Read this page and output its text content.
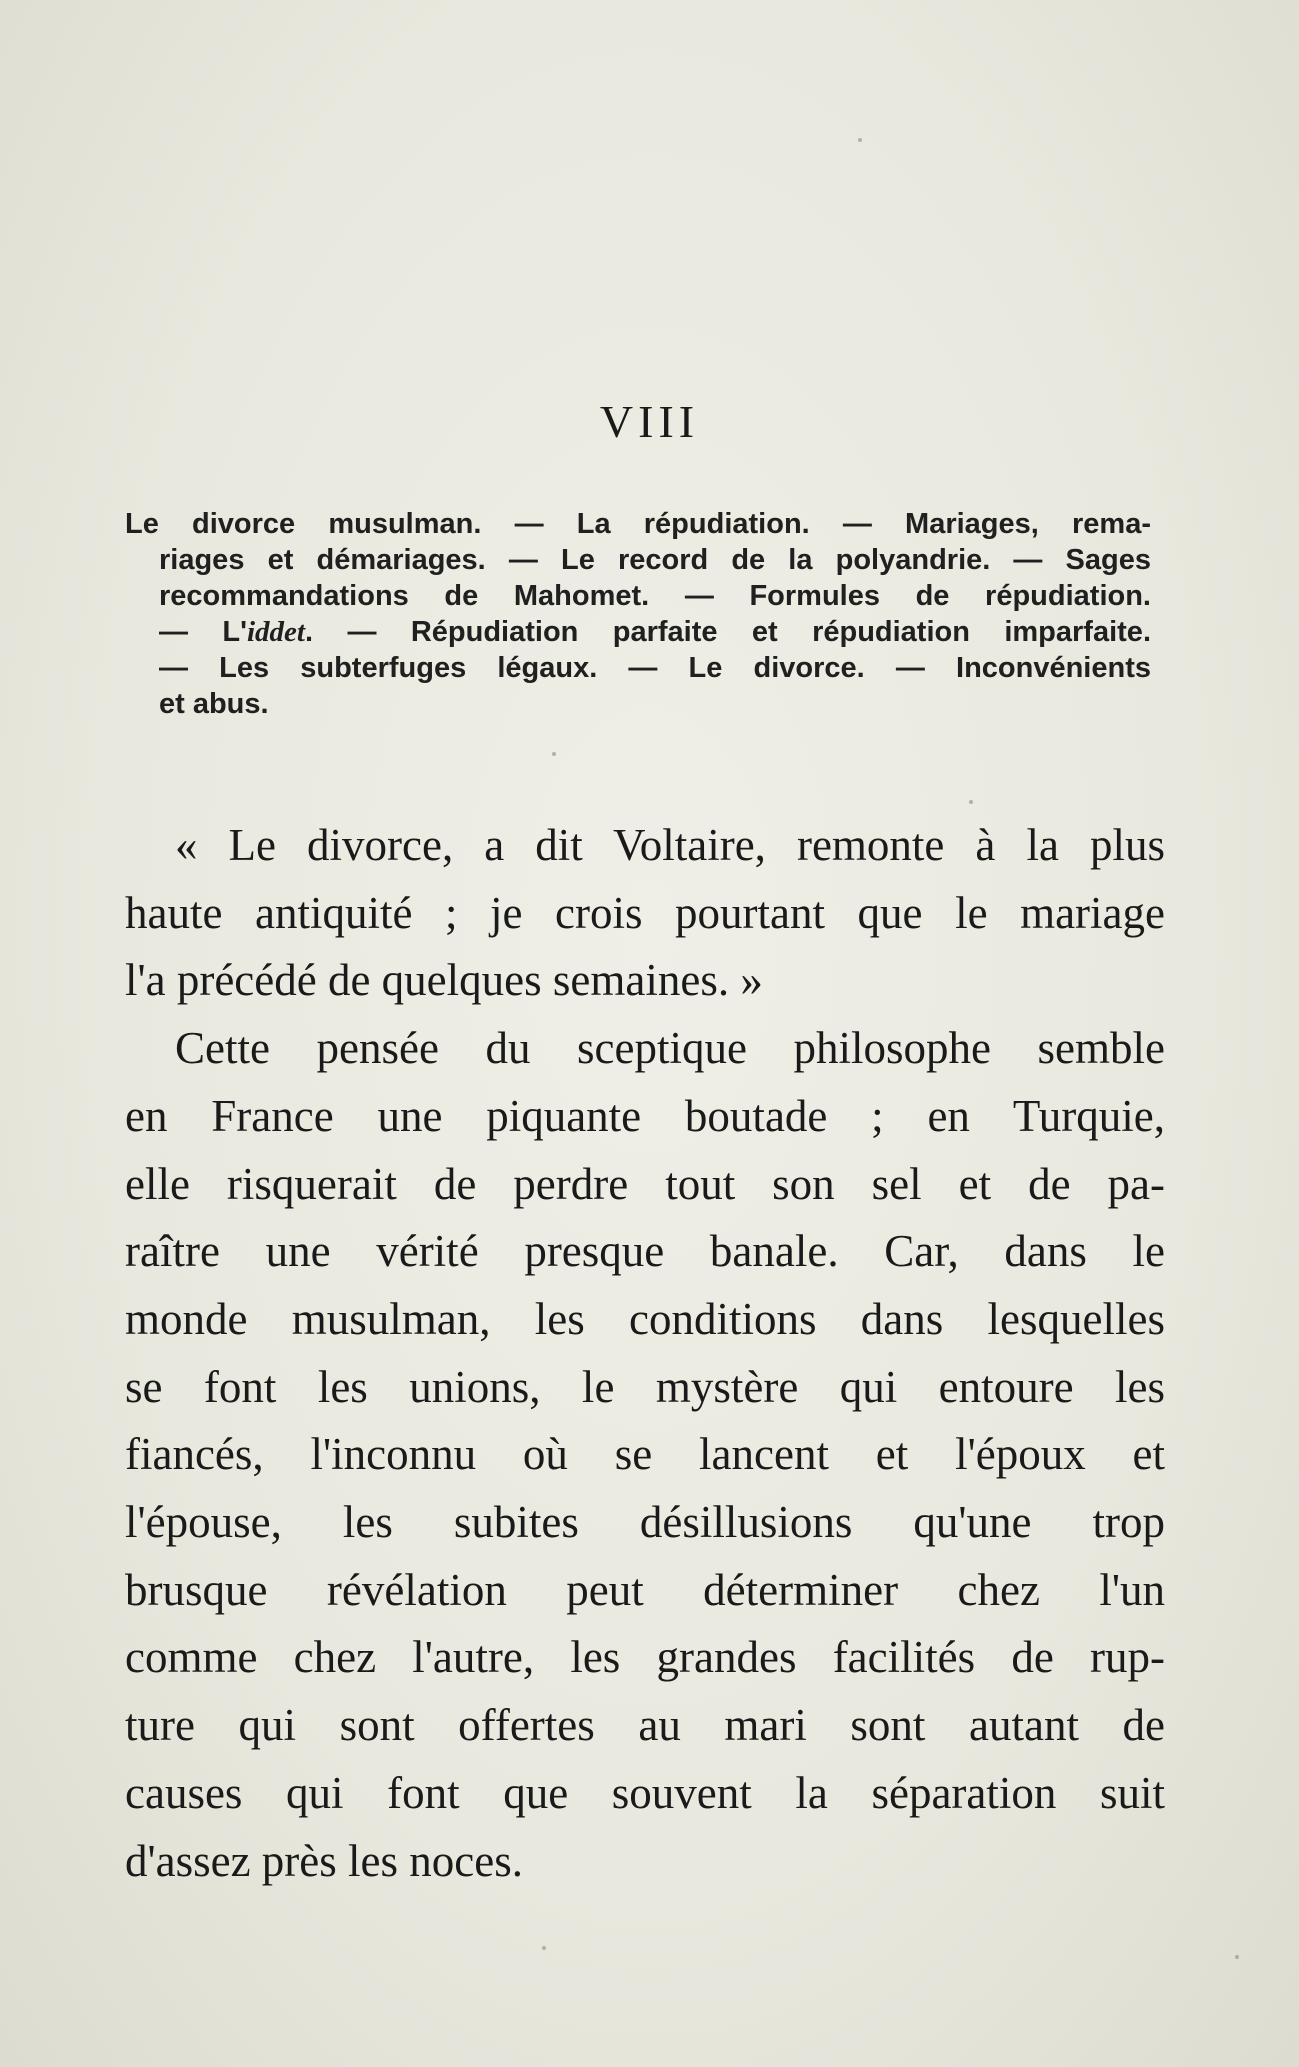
VIII

Le divorce musulman. — La répudiation. — Mariages, rema-
riages et démariages. — Le record de la polyandrie. — Sages
recommandations de Mahomet. — Formules de répudiation.
— L'iddet. — Répudiation parfaite et répudiation imparfaite.
— Les subterfuges légaux. — Le divorce. — Inconvénients
et abus.

« Le divorce, a dit Voltaire, remonte à la plus
haute antiquité ; je crois pourtant que le mariage
l'a précédé de quelques semaines. »

Cette pensée du sceptique philosophe semble
en France une piquante boutade ; en Turquie,
elle risquerait de perdre tout son sel et de pa-
raître une vérité presque banale. Car, dans le
monde musulman, les conditions dans lesquelles
se font les unions, le mystère qui entoure les
fiancés, l'inconnu où se lancent et l'époux et
l'épouse, les subites désillusions qu'une trop
brusque révélation peut déterminer chez l'un
comme chez l'autre, les grandes facilités de rup-
ture qui sont offertes au mari sont autant de
causes qui font que souvent la séparation suit
d'assez près les noces.
